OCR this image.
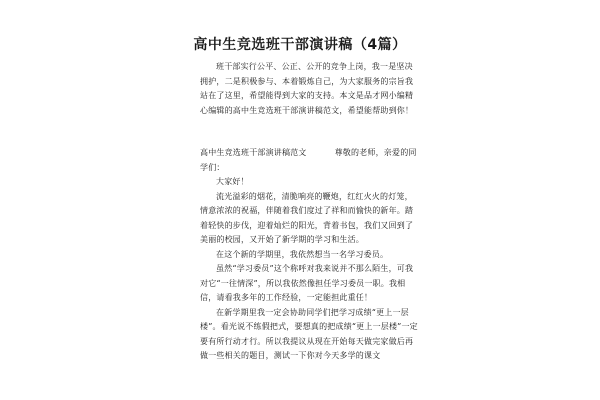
高中生竞选班干部演讲稿（4篇）

班干部实行公平、公正、公开的竞争上岗，我一是坚决拥护，二是积极参与、本着锻炼自己，为大家服务的宗旨我站在了这里，希望能得到大家的支持。本文是品才网小编精心编辑的高中生竞选班干部演讲稿范文，希望能帮助到你！

高中生竞选班干部演讲稿范文	尊敬的老师，亲爱的同学们：

大家好！

流光溢彩的烟花，清脆响亮的鞭炮，红红火火的灯笼，情意浓浓的祝福，伴随着我们度过了祥和而愉快的新年。踏着轻快的步伐，迎着灿烂的阳光，背着书包，我们又回到了美丽的校园，又开始了新学期的学习和生活。

在这个新的学期里，我依然想当一名学习委员。

虽然“学习委员”这个称呼对我来说并不那么陌生，可我对它“一往情深”，所以我依然像担任学习委员一职。我相信，请看我多年的工作经验，一定能担此重任！

在新学期里我一定会协助同学们把学习成绩“更上一层楼”。看光说不练假把式，要想真的把成绩“更上一层楼”一定要有所行动才行。所以我提议从现在开始每天做完家做后再做一些相关的题目，测试一下你对今天多学的课文
